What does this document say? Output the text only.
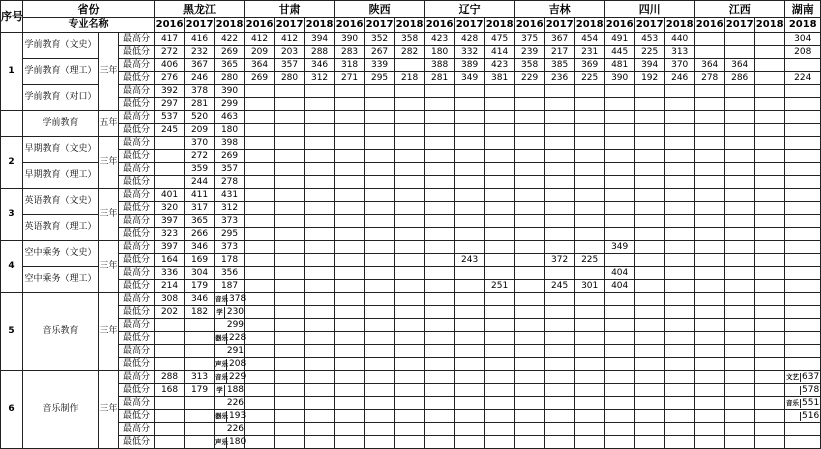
序号	省份			黑龙江			甘肃			陕西			辽宁			吉林			四川			江西			湖南
	专业名称			2016	2017	2018	2016	2017	2018	2016	2017	2018	2016	2017	2018	2016	2017	2018	2016	2017	2018	2016	2017	2018	2018
1	学前教育（文史）	三年	最高分	417	416	422	412	412	394	390	352	358	423	428	475	375	367	454	491	453	440				304
			最低分	272	232	269	209	203	288	283	267	282	180	332	414	239	217	231	445	225	313				208
	学前教育（理工）		最高分	406	367	365	364	357	346	318	339		388	389	423	358	385	369	481	394	370	364	364		
			最低分	276	246	280	269	280	312	271	295	218	281	349	381	229	236	225	390	192	246	278	286		224
	学前教育（对口）		最高分	392	378	390																			
			最低分	297	281	299																			
	学前教育	五年	最高分	537	520	463																			
			最低分	245	209	180																			
2	早期教育（文史）	三年	最高分		370	398																			
			最低分		272	269																			
	早期教育（理工）		最高分		359	357																			
			最低分		244	278																			
3	英语教育（文史）	三年	最高分	401	411	431																			
			最低分	320	317	312																			
	英语教育（理工）		最高分	397	365	373																			
			最低分	323	266	295																			
4	空中乘务（文史）	三年	最高分	397	346	373													349						
			最低分	164	169	178								243			372	225							
	空中乘务（理工）		最高分	336	304	356													404						
			最低分	214	179	187									251		245	301	404						
5	音乐教育	三年	最高分	308	346	音乐 378																			

			最低分	202	182	学 230																			

			最高分			299																			

			最低分			器乐 228																			

			最高分			291																			

			最低分			声乐 208																			

6	音乐制作	三年	最高分	288	313	音乐 229																			文艺 637

			最低分	168	179	学 188																			578

			最高分			226																			音乐 551

			最低分			器乐 193																			516

			最高分			226																			

			最低分			声乐 180																			
